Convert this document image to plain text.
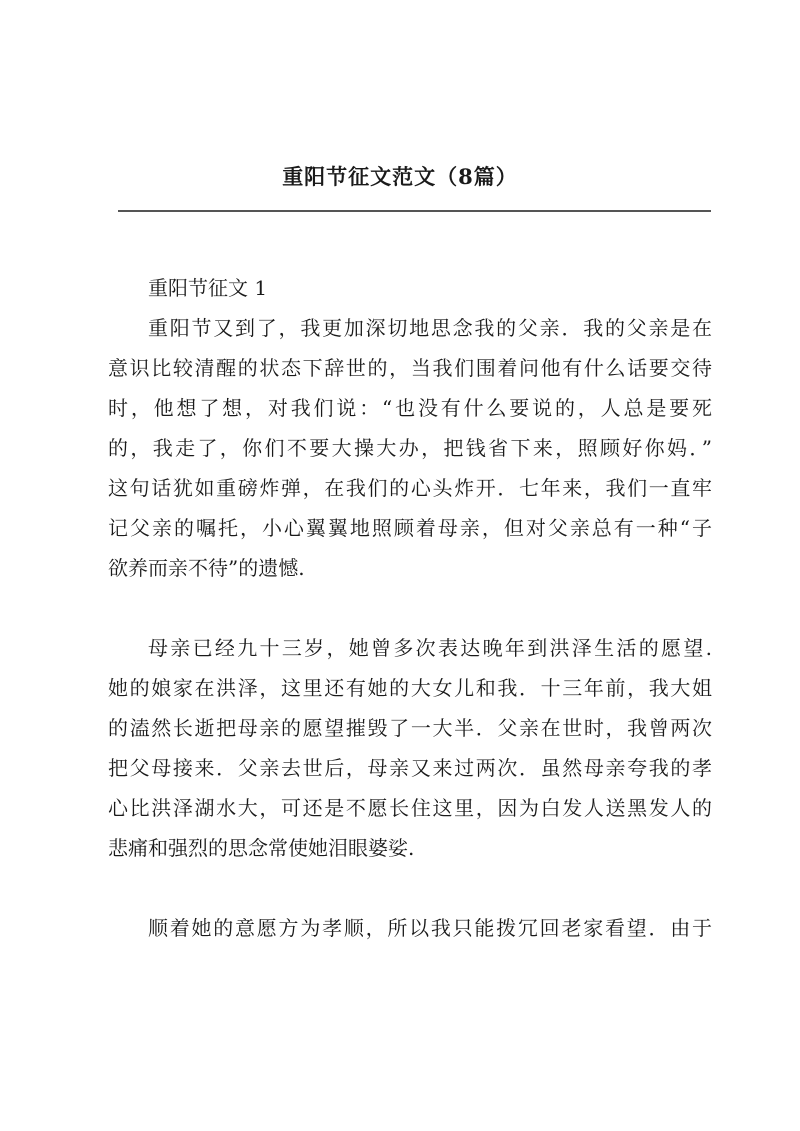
重阳节征文范文（8篇）
重阳节征文 1
重阳节又到了，我更加深切地思念我的父亲．我的父亲是在
意识比较清醒的状态下辞世的，当我们围着问他有什么话要交待
时，他想了想，对我们说：“也没有什么要说的，人总是要死
的，我走了，你们不要大操大办，把钱省下来，照顾好你妈．”
这句话犹如重磅炸弹，在我们的心头炸开．七年来，我们一直牢
记父亲的嘱托，小心翼翼地照顾着母亲，但对父亲总有一种“子
欲养而亲不待”的遗憾.
母亲已经九十三岁，她曾多次表达晚年到洪泽生活的愿望.
她的娘家在洪泽，这里还有她的大女儿和我．十三年前，我大姐
的溘然长逝把母亲的愿望摧毁了一大半．父亲在世时，我曾两次
把父母接来．父亲去世后，母亲又来过两次．虽然母亲夸我的孝
心比洪泽湖水大，可还是不愿长住这里，因为白发人送黑发人的
悲痛和强烈的思念常使她泪眼婆娑.
顺着她的意愿方为孝顺，所以我只能拨冗回老家看望．由于
